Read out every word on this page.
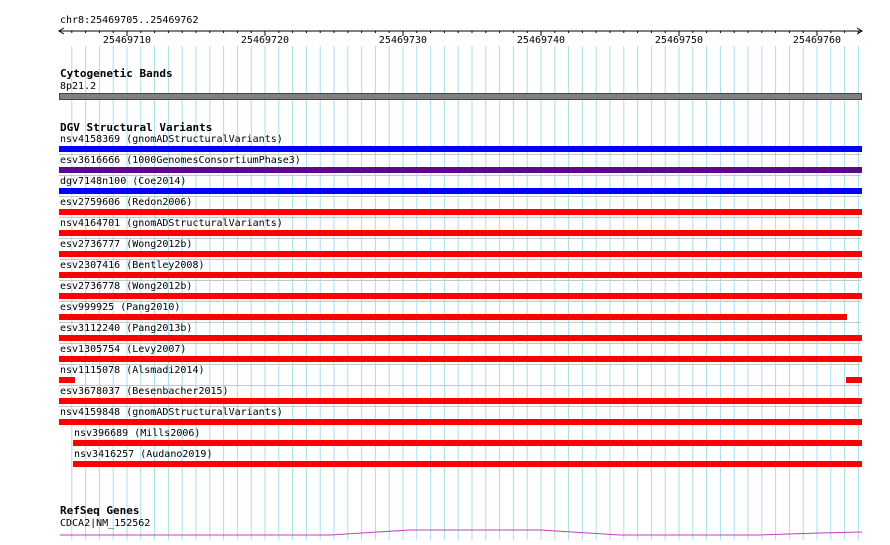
chr8:25469705..25469762
25469710	25469720	25469730	25469740	25469750	25469760
Cytogenetic Bands
8p21.2
DGV Structural Variants
nsv4158369 (gnomADStructuralVariants)
esv3616666 (1000GenomesConsortiumPhase3)
dgv7148n100 (Coe2014)
esv2759606 (Redon2006)
nsv4164701 (gnomADStructuralVariants)
esv2736777 (Wong2012b)
esv2307416 (Bentley2008)
esv2736778 (Wong2012b)
esv999925 (Pang2010)
esv3112240 (Pang2013b)
esv1305754 (Levy2007)
nsv1115078 (Alsmadi2014)
esv3678037 (Besenbacher2015)
nsv4159848 (gnomADStructuralVariants)
nsv396689 (Mills2006)
nsv3416257 (Audano2019)
RefSeq Genes
CDCA2|NM_152562
